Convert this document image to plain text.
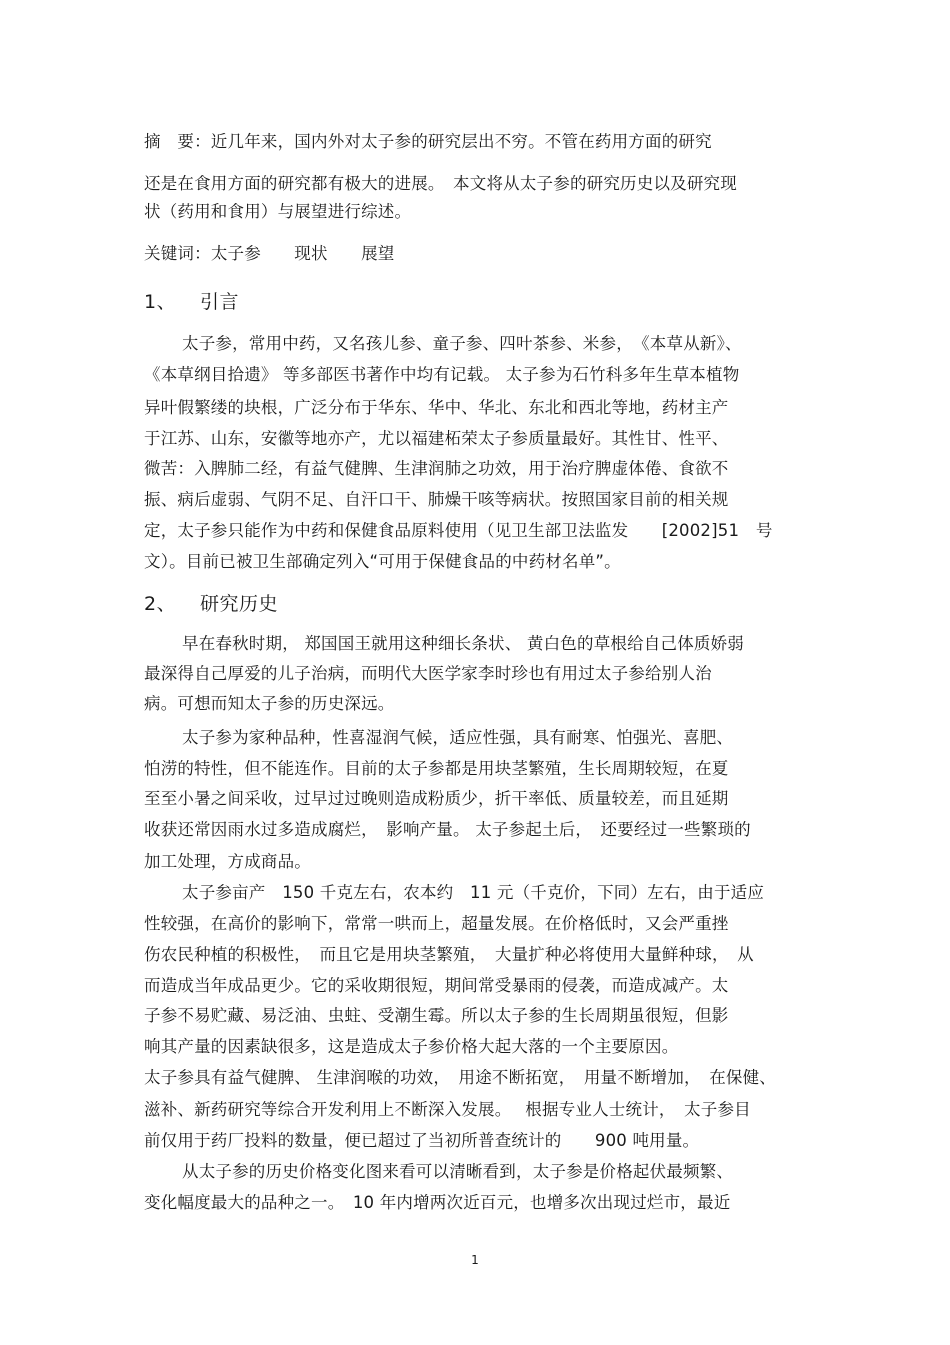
摘　要：近几年来，国内外对太子参的研究层出不穷。不管在药用方面的研究
还是在食用方面的研究都有极大的进展。　本文将从太子参的研究历史以及研究现
状（药用和食用）与展望进行综述。
关键词：太子参　　现状　　展望
1、 引言
太子参，常用中药，又名孩儿参、童子参、四叶茶参、米参，　《本草从新》、
《本草纲目拾遗》 等多部医书著作中均有记载。 太子参为石竹科多年生草本植物
异叶假繁缕的块根，广泛分布于华东、华中、华北、东北和西北等地，药材主产
于江苏、山东，安徽等地亦产，尤以福建柘荣太子参质量最好。其性甘、性平、
微苦：入脾肺二经，有益气健脾、生津润肺之功效，用于治疗脾虚体倦、食欲不
振、病后虚弱、气阴不足、自汗口干、肺燥干咳等病状。按照国家目前的相关规
定，太子参只能作为中药和保健食品原料使用（见卫生部卫法监发　　[2002]51　号
文）。目前已被卫生部确定列入“可用于保健食品的中药材名单”。
2、 研究历史
早在春秋时期， 郑国国王就用这种细长条状、 黄白色的草根给自己体质娇弱
最深得自己厚爱的儿子治病，而明代大医学家李时珍也有用过太子参给别人治
病。可想而知太子参的历史深远。
太子参为家种品种，性喜湿润气候，适应性强，具有耐寒、怕强光、喜肥、
怕涝的特性，但不能连作。目前的太子参都是用块茎繁殖，生长周期较短，在夏
至至小暑之间采收，过早过过晚则造成粉质少，折干率低、质量较差，而且延期
收获还常因雨水过多造成腐烂，　影响产量。 太子参起土后，　还要经过一些繁琐的
加工处理，方成商品。
太子参亩产　150 千克左右，农本约　11 元（千克价，下同）左右，由于适应
性较强，在高价的影响下，常常一哄而上，超量发展。在价格低时，又会严重挫
伤农民种植的积极性，　而且它是用块茎繁殖，　大量扩种必将使用大量鲜种球，　从
而造成当年成品更少。它的采收期很短，期间常受暴雨的侵袭，而造成减产。太
子参不易贮藏、易泛油、虫蛀、受潮生霉。所以太子参的生长周期虽很短，但影
响其产量的因素缺很多，这是造成太子参价格大起大落的一个主要原因。
太子参具有益气健脾、 生津润喉的功效，　用途不断拓宽，　用量不断增加，　在保健、
滋补、新药研究等综合开发利用上不断深入发展。　 根据专业人士统计，　太子参目
前仅用于药厂投料的数量，便已超过了当初所普查统计的　　900 吨用量。
从太子参的历史价格变化图来看可以清晰看到，太子参是价格起伏最频繁、
变化幅度最大的品种之一。　10 年内增两次近百元，也增多次出现过烂市，最近
1
